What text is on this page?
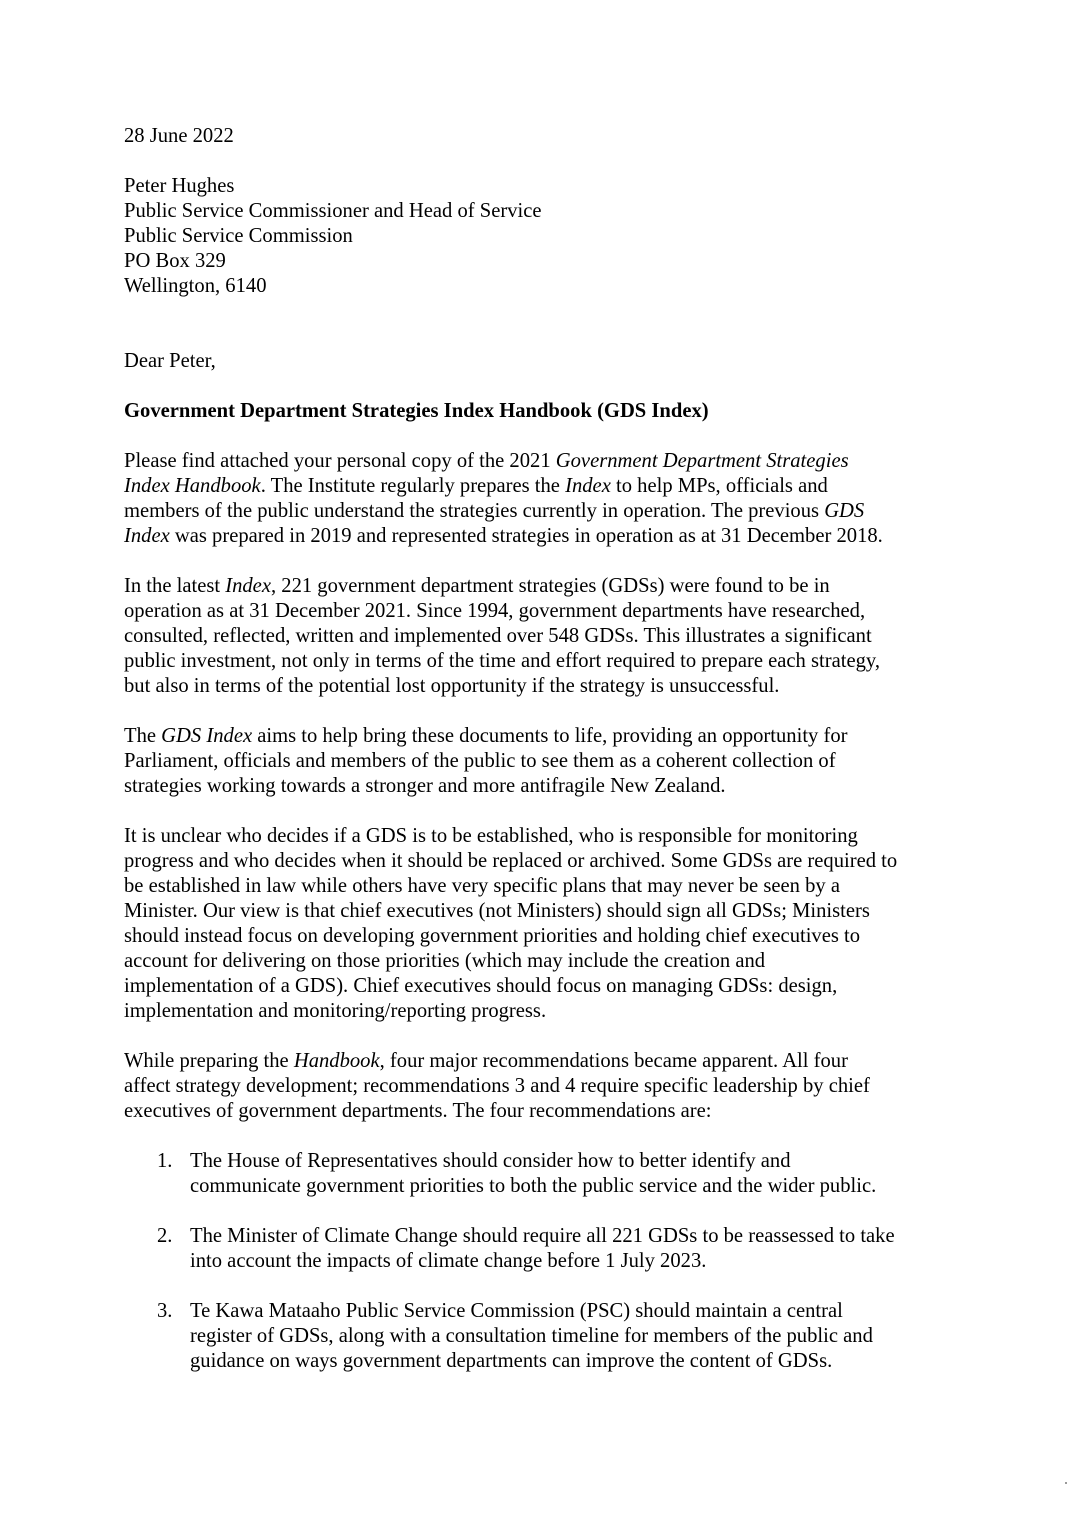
28 June 2022
Peter Hughes
Public Service Commissioner and Head of Service
Public Service Commission
PO Box 329
Wellington, 6140
Dear Peter,
Government Department Strategies Index Handbook (GDS Index)
Please find attached your personal copy of the 2021 Government Department Strategies
Index Handbook. The Institute regularly prepares the Index to help MPs, officials and
members of the public understand the strategies currently in operation. The previous GDS
Index was prepared in 2019 and represented strategies in operation as at 31 December 2018.
In the latest Index, 221 government department strategies (GDSs) were found to be in
operation as at 31 December 2021. Since 1994, government departments have researched,
consulted, reflected, written and implemented over 548 GDSs. This illustrates a significant
public investment, not only in terms of the time and effort required to prepare each strategy,
but also in terms of the potential lost opportunity if the strategy is unsuccessful.
The GDS Index aims to help bring these documents to life, providing an opportunity for
Parliament, officials and members of the public to see them as a coherent collection of
strategies working towards a stronger and more antifragile New Zealand.
It is unclear who decides if a GDS is to be established, who is responsible for monitoring
progress and who decides when it should be replaced or archived. Some GDSs are required to
be established in law while others have very specific plans that may never be seen by a
Minister. Our view is that chief executives (not Ministers) should sign all GDSs; Ministers
should instead focus on developing government priorities and holding chief executives to
account for delivering on those priorities (which may include the creation and
implementation of a GDS). Chief executives should focus on managing GDSs: design,
implementation and monitoring/reporting progress.
While preparing the Handbook, four major recommendations became apparent. All four
affect strategy development; recommendations 3 and 4 require specific leadership by chief
executives of government departments. The four recommendations are:
1. The House of Representatives should consider how to better identify and
communicate government priorities to both the public service and the wider public.
2. The Minister of Climate Change should require all 221 GDSs to be reassessed to take
into account the impacts of climate change before 1 July 2023.
3. Te Kawa Mataaho Public Service Commission (PSC) should maintain a central
register of GDSs, along with a consultation timeline for members of the public and
guidance on ways government departments can improve the content of GDSs.
